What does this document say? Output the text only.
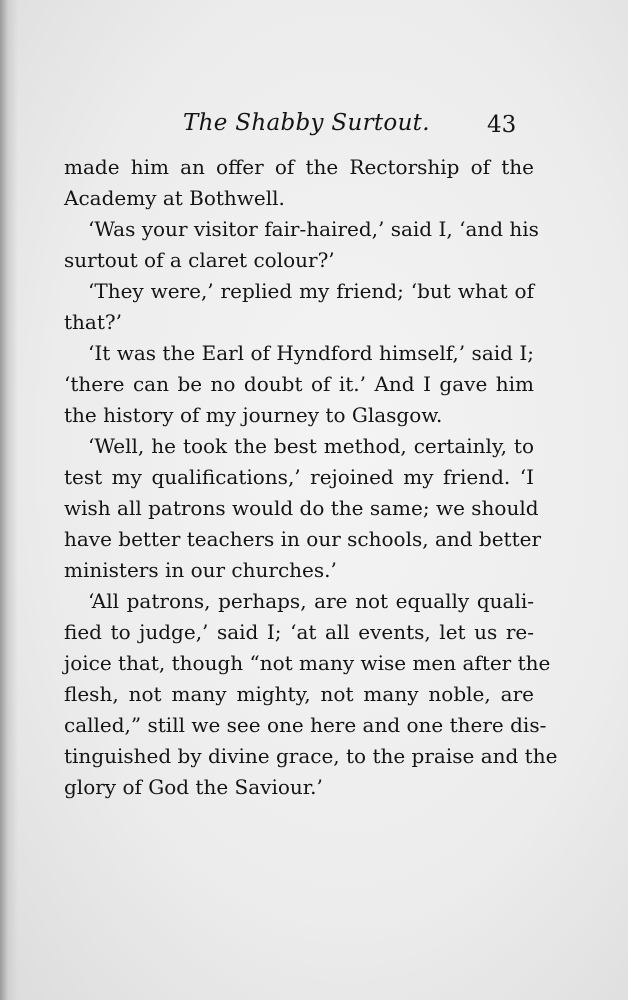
The Shabby Surtout. 43
made him an offer of the Rectorship of the
Academy at Bothwell.
‘Was your visitor fair-haired,’ said I, ‘and his
surtout of a claret colour?’
‘They were,’ replied my friend; ‘but what of
that?’
‘It was the Earl of Hyndford himself,’ said I;
‘there can be no doubt of it.’ And I gave him
the history of my journey to Glasgow.
‘Well, he took the best method, certainly, to
test my qualifications,’ rejoined my friend. ‘I
wish all patrons would do the same; we should
have better teachers in our schools, and better
ministers in our churches.’
‘All patrons, perhaps, are not equally quali-
fied to judge,’ said I; ‘at all events, let us re-
joice that, though “not many wise men after the
flesh, not many mighty, not many noble, are
called,” still we see one here and one there dis-
tinguished by divine grace, to the praise and the
glory of God the Saviour.’
